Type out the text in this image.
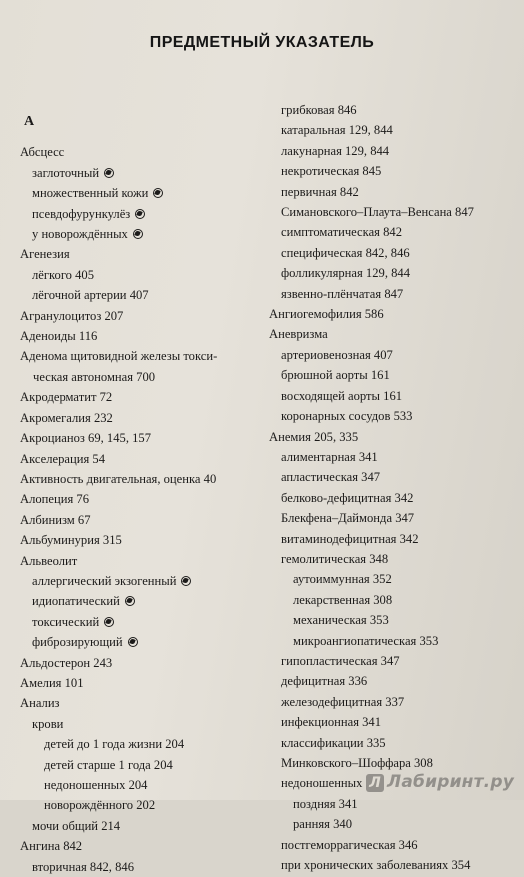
ПРЕДМЕТНЫЙ УКАЗАТЕЛЬ
А
Абсцесс
заглоточный
множественный кожи
псевдофурункулёз
у новорождённых
Агенезия
лёгкого 405
лёгочной артерии 407
Агранулоцитоз 207
Аденоиды 116
Аденома щитовидной железы токси-
ческая автономная 700
Акродерматит 72
Акромегалия 232
Акроцианоз 69, 145, 157
Акселерация 54
Активность двигательная, оценка 40
Алопеция 76
Албинизм 67
Альбуминурия 315
Альвеолит
аллергический экзогенный
идиопатический
токсический
фиброзирующий
Альдостерон 243
Амелия 101
Анализ
крови
детей до 1 года жизни 204
детей старше 1 года 204
недоношенных 204
новорождённого 202
мочи общий 214
Ангина 842
вторичная 842, 846
грибковая 846
катаральная 129, 844
лакунарная 129, 844
некротическая 845
первичная 842
Симановского–Плаута–Венсана 847
симптоматическая 842
специфическая 842, 846
фолликулярная 129, 844
язвенно-плёнчатая 847
Ангиогемофилия 586
Аневризма
артериовенозная 407
брюшной аорты 161
восходящей аорты 161
коронарных сосудов 533
Анемия 205, 335
алиментарная 341
апластическая 347
белково-дефицитная 342
Блекфена–Даймонда 347
витаминодефицитная 342
гемолитическая 348
аутоиммунная 352
лекарственная 308
механическая 353
микроангиопатическая 353
гипопластическая 347
дефицитная 336
железодефицитная 337
инфекционная 341
классификации 335
Минковского–Шоффара 308
недоношенных
поздняя 341
ранняя 340
постгеморрагическая 346
при хронических заболеваниях 354
Л Лабиринт.ру
